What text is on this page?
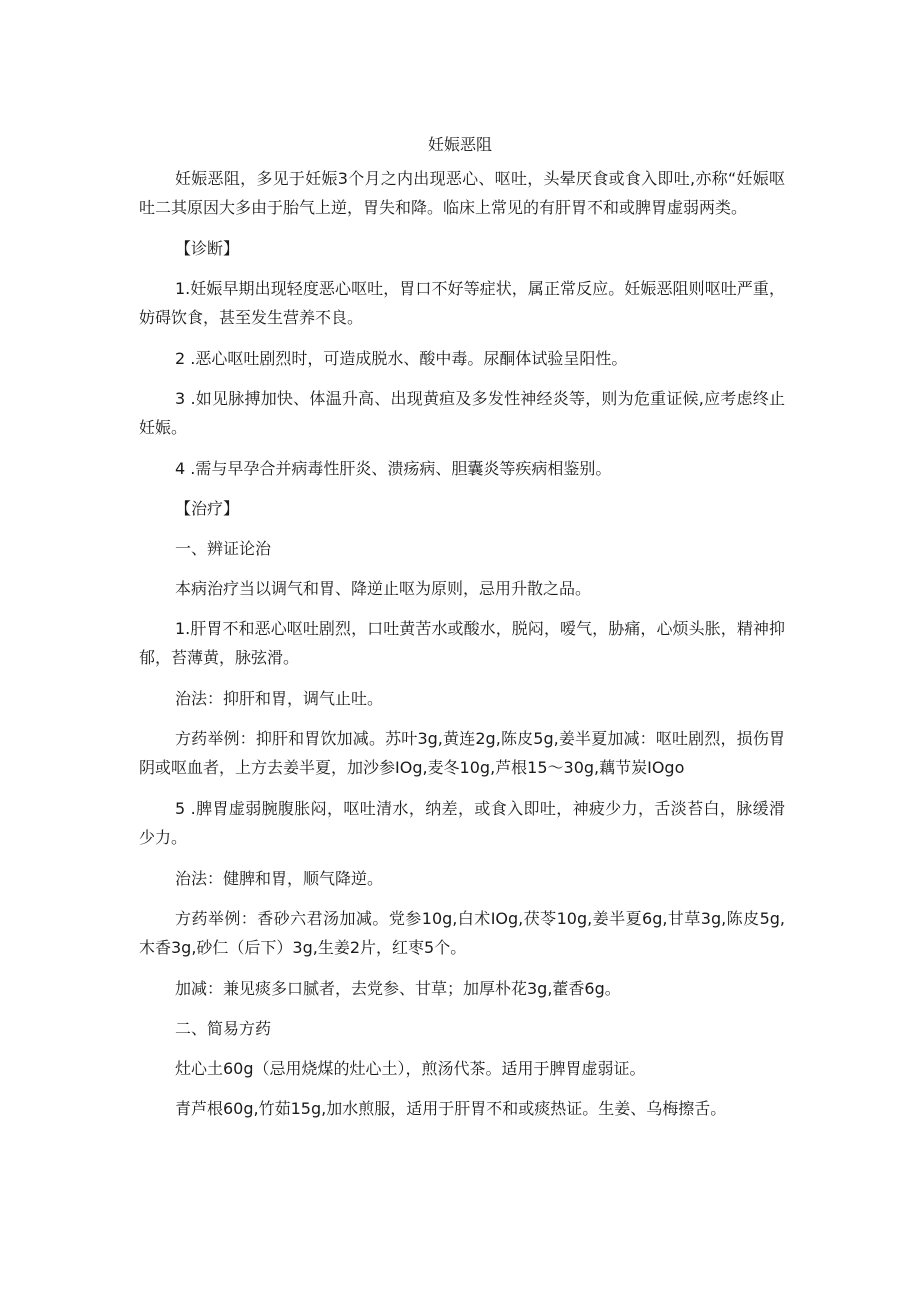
妊娠恶阻

妊娠恶阻，多见于妊娠3个月之内出现恶心、呕吐，头晕厌食或食入即吐,亦称“妊娠呕吐二其原因大多由于胎气上逆，胃失和降。临床上常见的有肝胃不和或脾胃虚弱两类。

【诊断】

1.妊娠早期出现轻度恶心呕吐，胃口不好等症状，属正常反应。妊娠恶阻则呕吐严重，妨碍饮食，甚至发生营养不良。

2 .恶心呕吐剧烈时，可造成脱水、酸中毒。尿酮体试验呈阳性。

3 .如见脉搏加快、体温升高、出现黄疸及多发性神经炎等，则为危重证候,应考虑终止妊娠。

4 .需与早孕合并病毒性肝炎、溃疡病、胆囊炎等疾病相鉴别。

【治疗】

一、辨证论治

本病治疗当以调气和胃、降逆止呕为原则，忌用升散之品。

1.肝胃不和恶心呕吐剧烈，口吐黄苦水或酸水，脱闷，嗳气，胁痛，心烦头胀，精神抑郁，苔薄黄，脉弦滑。

治法：抑肝和胃，调气止吐。

方药举例：抑肝和胃饮加减。苏叶3g,黄连2g,陈皮5g,姜半夏加减：呕吐剧烈，损伤胃阴或呕血者，上方去姜半夏，加沙参IOg,麦冬10g,芦根15～30g,藕节炭IOgo

5 .脾胃虚弱腕腹胀闷，呕吐清水，纳差，或食入即吐，神疲少力，舌淡苔白，脉缓滑少力。

治法：健脾和胃，顺气降逆。

方药举例：香砂六君汤加减。党参10g,白术IOg,茯苓10g,姜半夏6g,甘草3g,陈皮5g,木香3g,砂仁（后下）3g,生姜2片，红枣5个。

加减：兼见痰多口腻者，去党参、甘草；加厚朴花3g,藿香6g。

二、简易方药

灶心土60g（忌用烧煤的灶心土），煎汤代茶。适用于脾胃虚弱证。

青芦根60g,竹茹15g,加水煎服，适用于肝胃不和或痰热证。生姜、乌梅擦舌。
